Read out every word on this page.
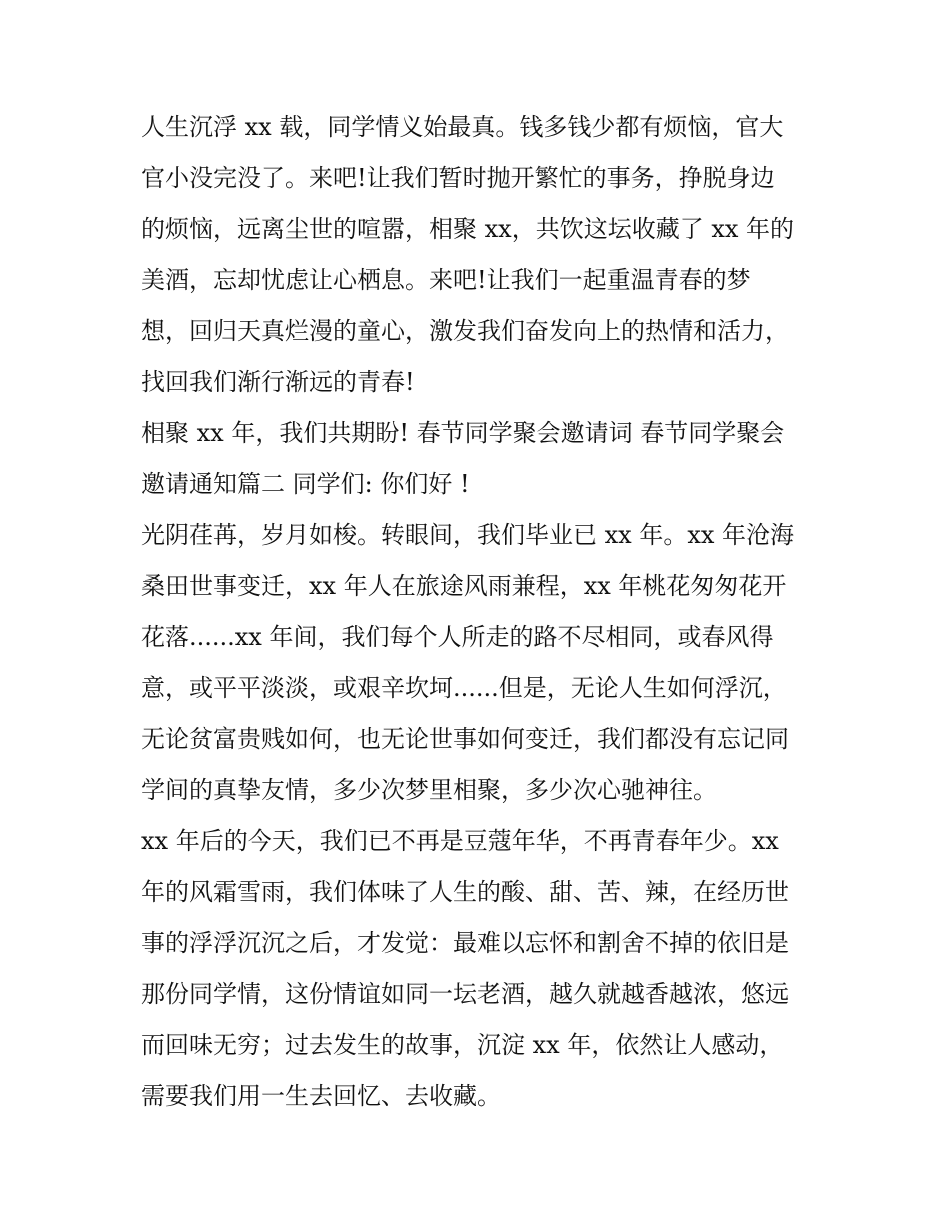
人生沉浮 xx 载，同学情义始最真。钱多钱少都有烦恼，官大
官小没完没了。来吧!让我们暂时抛开繁忙的事务，挣脱身边
的烦恼，远离尘世的喧嚣，相聚 xx，共饮这坛收藏了 xx 年的
美酒，忘却忧虑让心栖息。来吧!让我们一起重温青春的梦
想，回归天真烂漫的童心，激发我们奋发向上的热情和活力，
找回我们渐行渐远的青春!
相聚 xx 年，我们共期盼! 春节同学聚会邀请词 春节同学聚会
邀请通知篇二 同学们: 你们好 !
光阴荏苒，岁月如梭。转眼间，我们毕业已 xx 年。xx 年沧海
桑田世事变迁，xx 年人在旅途风雨兼程，xx 年桃花匆匆花开
花落......xx 年间，我们每个人所走的路不尽相同，或春风得
意，或平平淡淡，或艰辛坎坷......但是，无论人生如何浮沉，
无论贫富贵贱如何，也无论世事如何变迁，我们都没有忘记同
学间的真挚友情，多少次梦里相聚，多少次心驰神往。
xx 年后的今天，我们已不再是豆蔻年华，不再青春年少。xx
年的风霜雪雨，我们体味了人生的酸、甜、苦、辣，在经历世
事的浮浮沉沉之后，才发觉：最难以忘怀和割舍不掉的依旧是
那份同学情，这份情谊如同一坛老酒，越久就越香越浓，悠远
而回味无穷；过去发生的故事，沉淀 xx 年，依然让人感动，
需要我们用一生去回忆、去收藏。
